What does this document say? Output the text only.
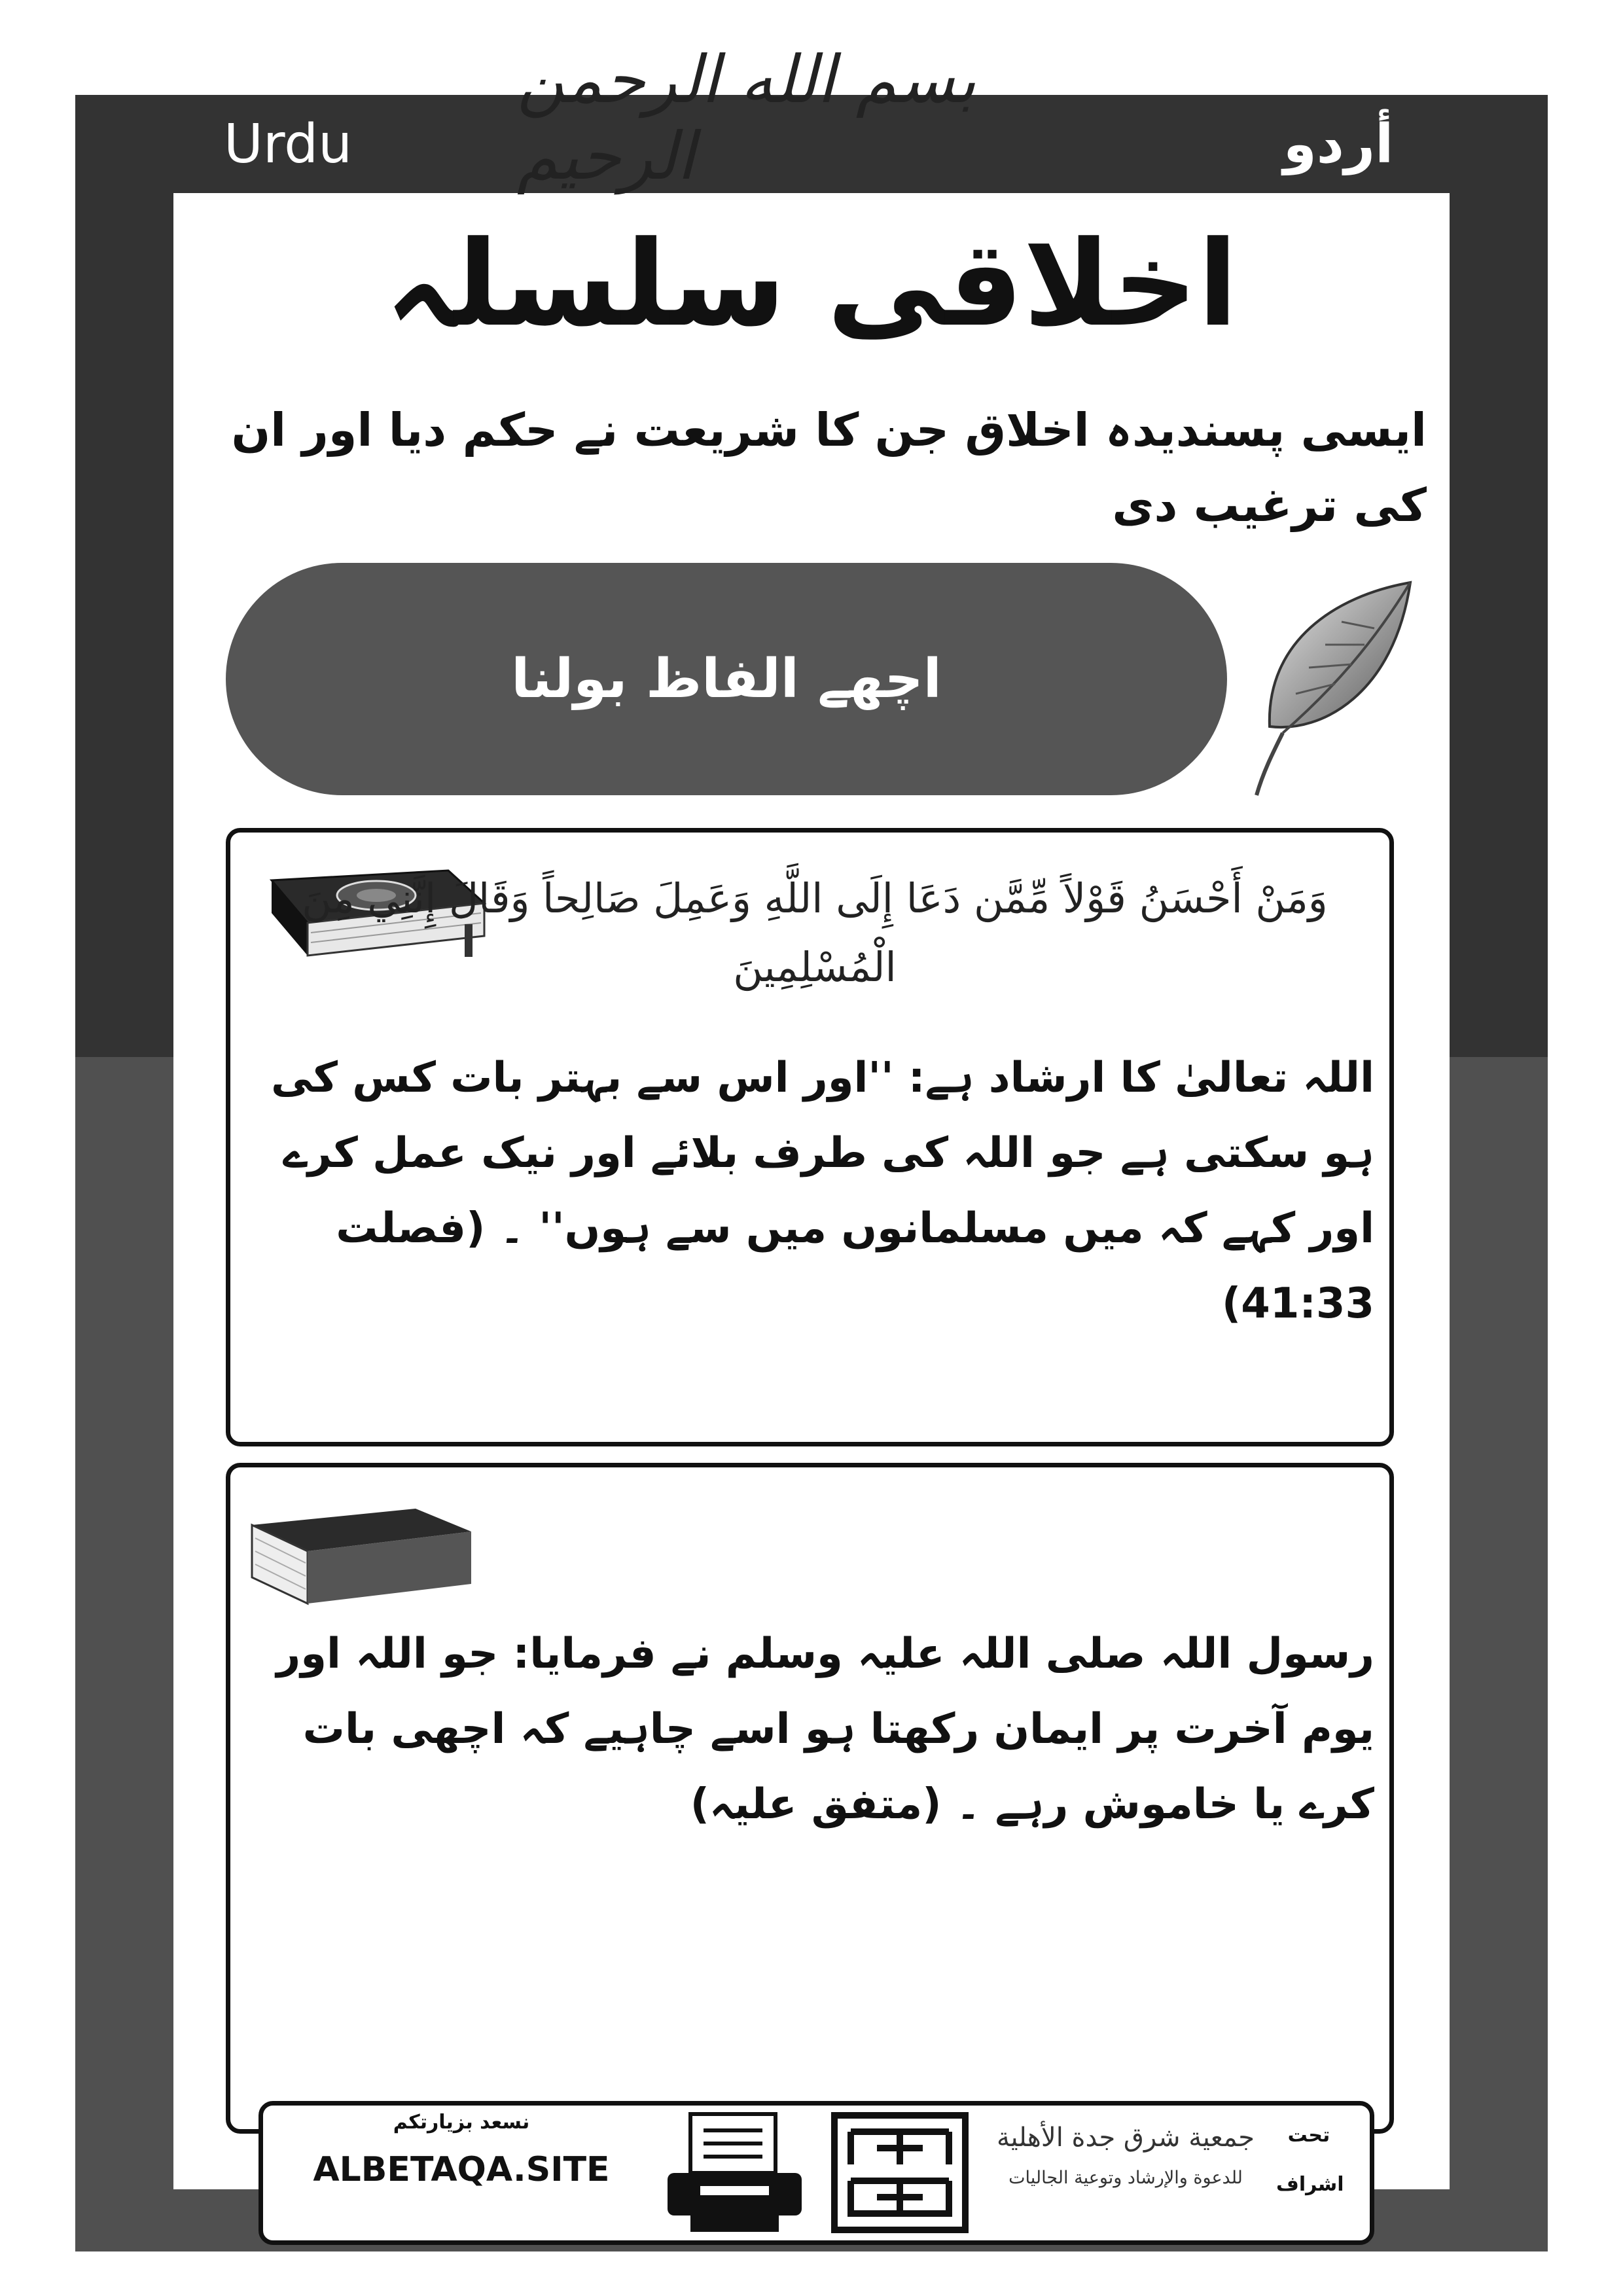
Urdu	أردو
بسم الله الرحمن الرحيم
اخلاقی سلسلہ
ایسی پسندیدہ اخلاق جن کا شریعت نے حکم دیا اور ان کی ترغیب دی
اچھے الفاظ بولنا
وَمَنْ أَحْسَنُ قَوْلاً مِّمَّن دَعَا إِلَى اللَّهِ وَعَمِلَ صَالِحاً وَقَالَ إِنَّنِي مِنَ الْمُسْلِمِينَ
اللہ تعالیٰ کا ارشاد ہے: ''اور اس سے بہتر بات کس کی ہو سکتی ہے جو اللہ کی طرف بلائے اور نیک عمل کرے اور کہے کہ میں مسلمانوں میں سے ہوں'' ۔ (فصلت 41:33)
رسول اللہ صلی اللہ علیہ وسلم نے فرمایا: جو اللہ اور یوم آخرت پر ایمان رکھتا ہو اسے چاہیے کہ اچھی بات کرے یا خاموش رہے ۔ (متفق علیہ)
نسعد بزيارتكم
ALBETAQA.SITE
جمعية شرق جدة الأهلية
للدعوة والإرشاد وتوعية الجاليات
تحت
اشراف
